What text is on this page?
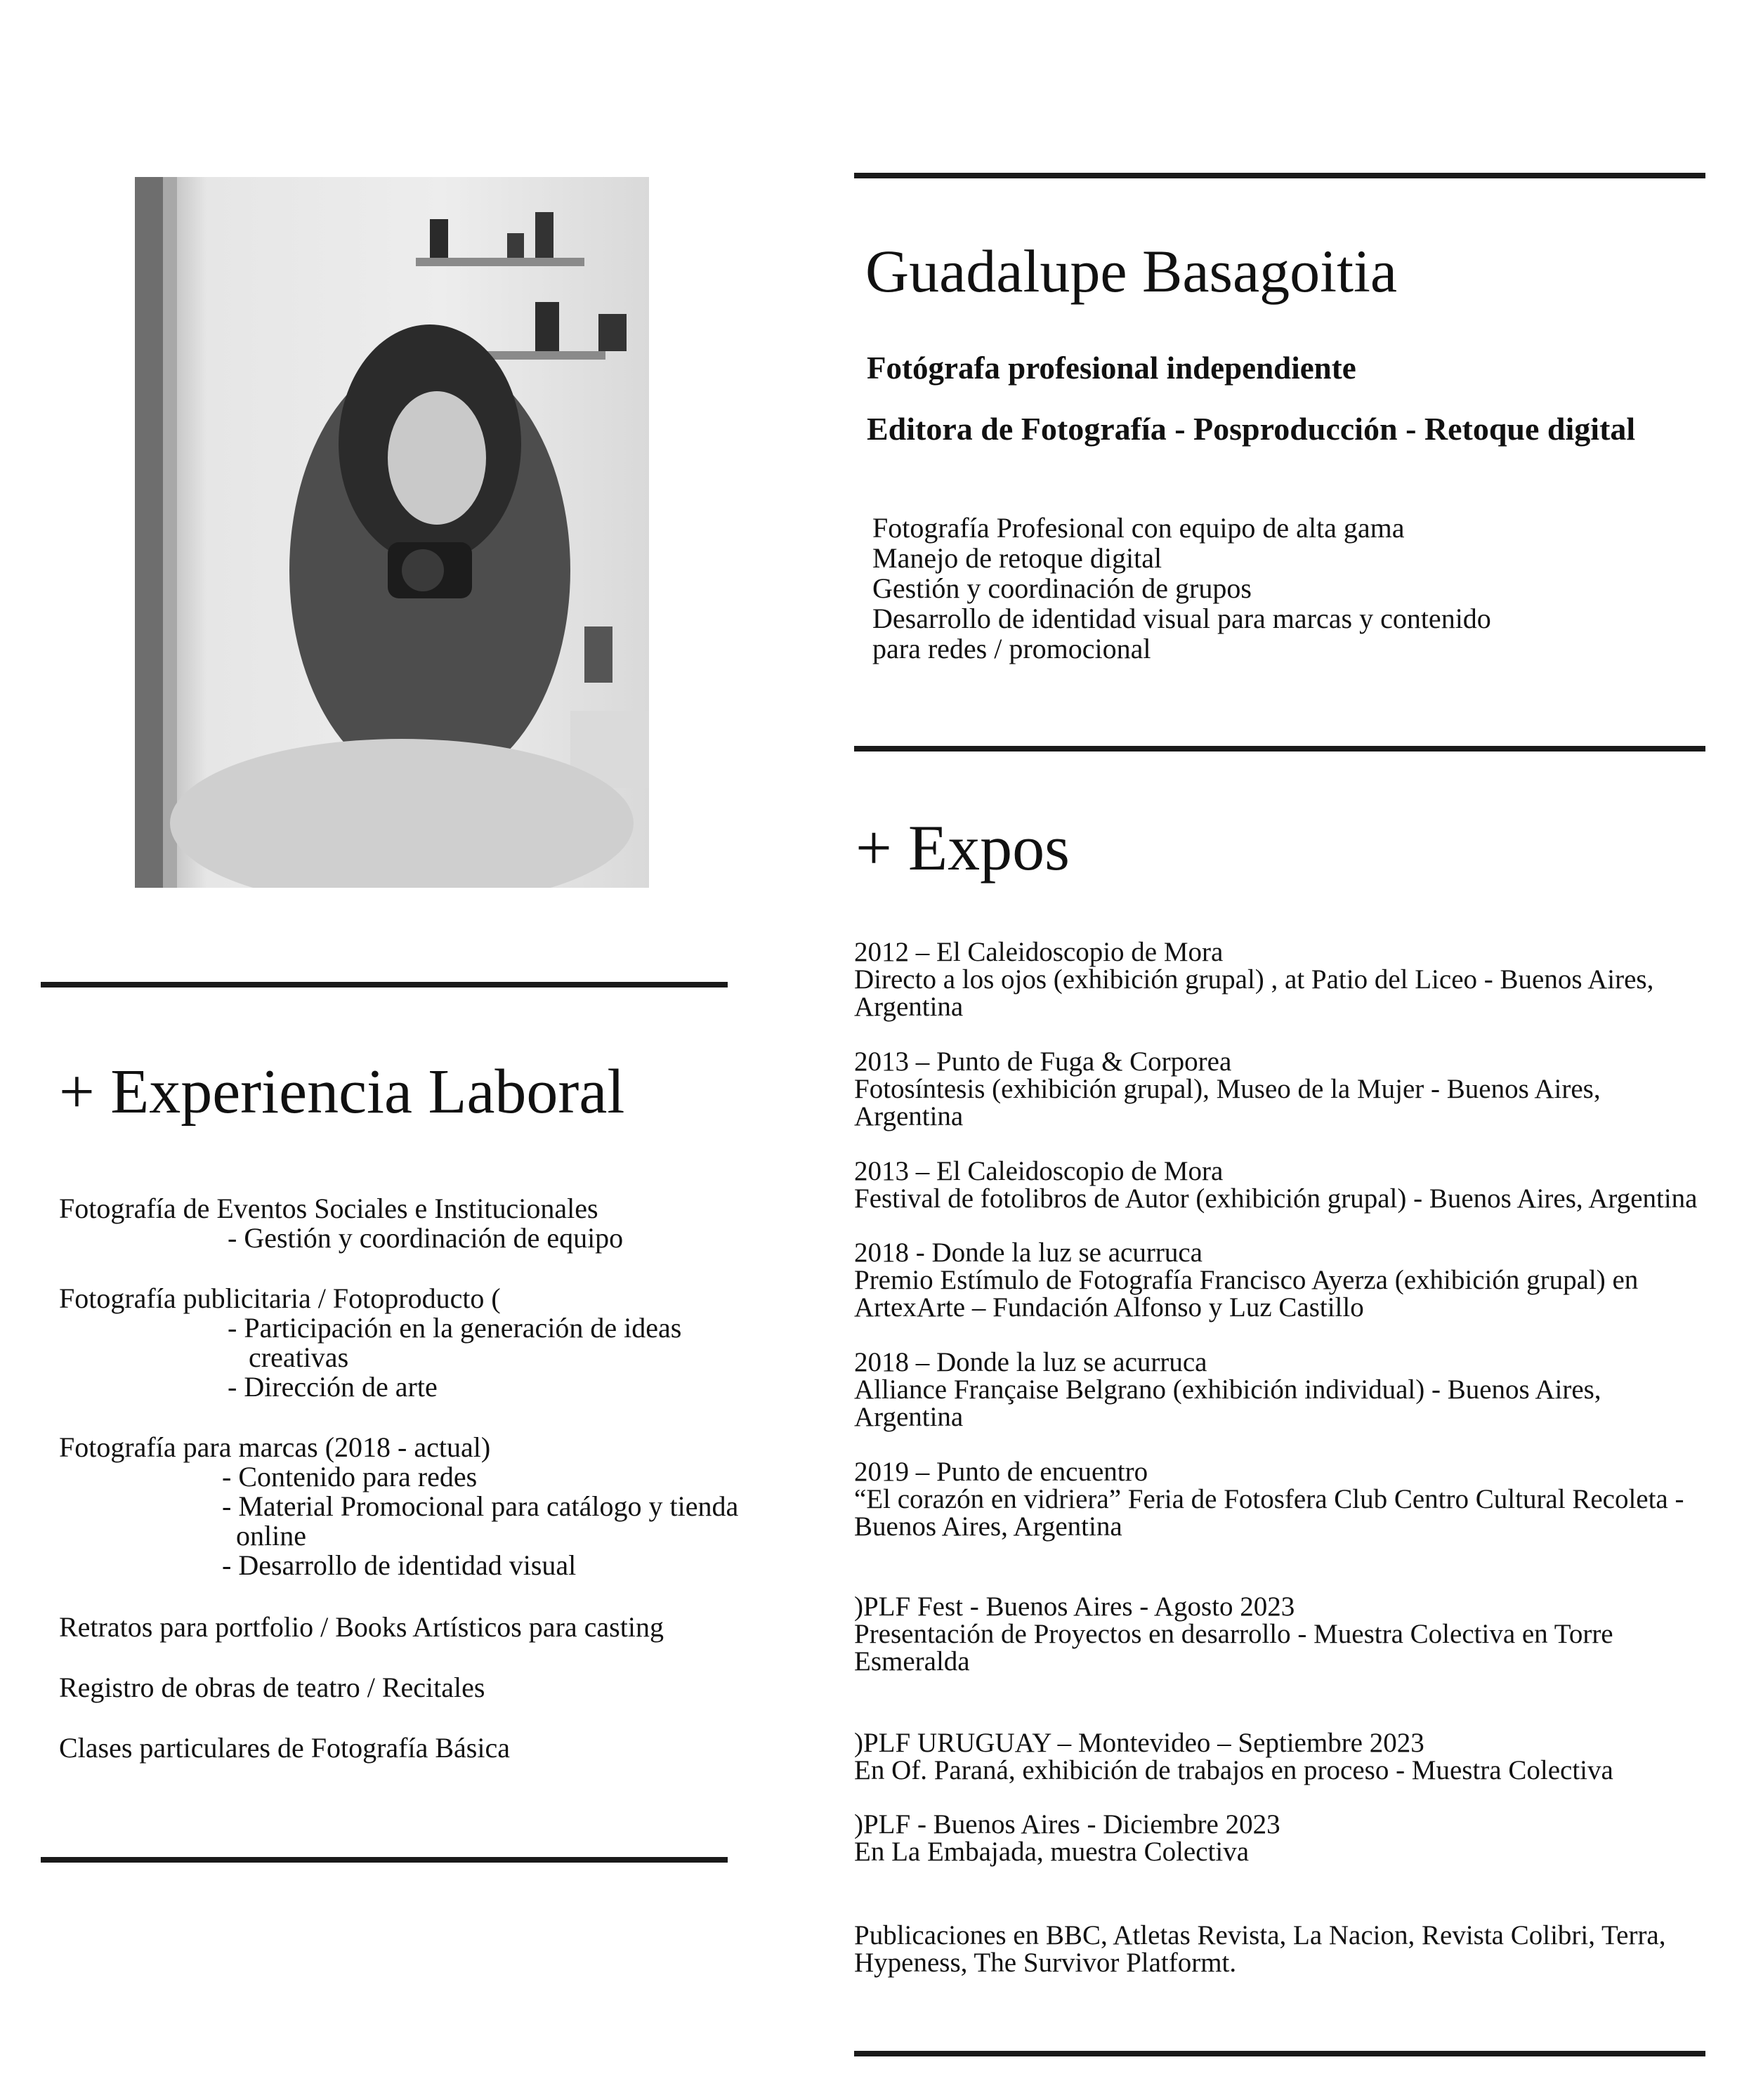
Guadalupe Basagoitia
Fotógrafa profesional independiente
Editora de Fotografía - Posproducción - Retoque digital
Fotografía Profesional con equipo de alta gama
Manejo de retoque digital
Gestión y coordinación de grupos
Desarrollo de identidad visual para marcas y contenido
para redes / promocional
+ Expos
2012 – El Caleidoscopio de Mora
Directo a los ojos (exhibición grupal) , at Patio del Liceo - Buenos Aires,
Argentina
2013 – Punto de Fuga & Corporea
Fotosíntesis (exhibición grupal), Museo de la Mujer - Buenos Aires,
Argentina
2013 – El Caleidoscopio de Mora
Festival de fotolibros de Autor (exhibición grupal) - Buenos Aires, Argentina
2018 - Donde la luz se acurruca
Premio Estímulo de Fotografía Francisco Ayerza (exhibición grupal) en
ArtexArte – Fundación Alfonso y Luz Castillo
2018 – Donde la luz se acurruca
Alliance Française Belgrano (exhibición individual) - Buenos Aires,
Argentina
2019 – Punto de encuentro
“El corazón en vidriera” Feria de Fotosfera Club Centro Cultural Recoleta -
Buenos Aires, Argentina
)PLF Fest - Buenos Aires - Agosto 2023
Presentación de Proyectos en desarrollo - Muestra Colectiva en Torre
Esmeralda
)PLF URUGUAY – Montevideo – Septiembre 2023
En Of. Paraná, exhibición de trabajos en proceso - Muestra Colectiva
)PLF - Buenos Aires - Diciembre 2023
En La Embajada, muestra Colectiva
Publicaciones en BBC, Atletas Revista, La Nacion, Revista Colibri, Terra,
Hypeness, The Survivor Platformt.
+ Experiencia Laboral
Fotografía de Eventos Sociales e Institucionales
- Gestión y coordinación de equipo
Fotografía publicitaria / Fotoproducto (
- Participación en la generación de ideas
creativas
- Dirección de arte
Fotografía para marcas (2018 - actual)
- Contenido para redes
- Material Promocional para catálogo y tienda
online
- Desarrollo de identidad visual
Retratos para portfolio / Books Artísticos para casting
Registro de obras de teatro / Recitales
Clases particulares de Fotografía Básica
